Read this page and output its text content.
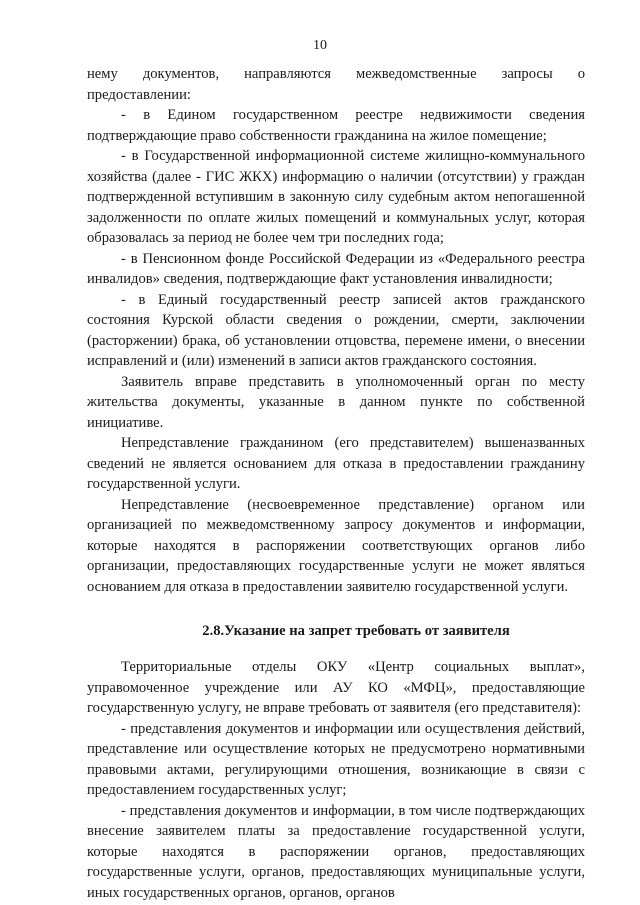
10

нему документов, направляются межведомственные запросы о предоставлении:

- в Едином государственном реестре недвижимости сведения подтверждающие право собственности гражданина на жилое помещение;

- в Государственной информационной системе жилищно-коммунального хозяйства (далее - ГИС ЖКХ) информацию о наличии (отсутствии) у граждан подтвержденной вступившим в законную силу судебным актом непогашенной задолженности по оплате жилых помещений и коммунальных услуг, которая образовалась за период не более чем три последних года;

- в Пенсионном фонде Российской Федерации из «Федерального реестра инвалидов» сведения, подтверждающие факт установления инвалидности;

- в Единый государственный реестр записей актов гражданского состояния Курской области сведения о рождении, смерти, заключении (расторжении) брака, об установлении отцовства, перемене имени, о внесении исправлений и (или) изменений в записи актов гражданского состояния.

Заявитель вправе представить в уполномоченный орган по месту жительства документы, указанные в данном пункте по собственной инициативе.

Непредставление гражданином (его представителем) вышеназванных сведений не является основанием для отказа в предоставлении гражданину государственной услуги.

Непредставление (несвоевременное представление) органом или организацией по межведомственному запросу документов и информации, которые находятся в распоряжении соответствующих органов либо организации, предоставляющих государственные услуги не может являться основанием для отказа в предоставлении заявителю государственной услуги.

2.8.Указание на запрет требовать от заявителя

Территориальные отделы ОКУ «Центр социальных выплат», управомоченное учреждение или АУ КО «МФЦ», предоставляющие государственную услугу, не вправе требовать от заявителя (его представителя):

- представления документов и информации или осуществления действий, представление или осуществление которых не предусмотрено нормативными правовыми актами, регулирующими отношения, возникающие в связи с предоставлением государственных услуг;

- представления документов и информации, в том числе подтверждающих внесение заявителем платы за предоставление государственной услуги, которые находятся в распоряжении органов, предоставляющих государственные услуги, органов, предоставляющих муниципальные услуги, иных государственных органов, органов, органов
